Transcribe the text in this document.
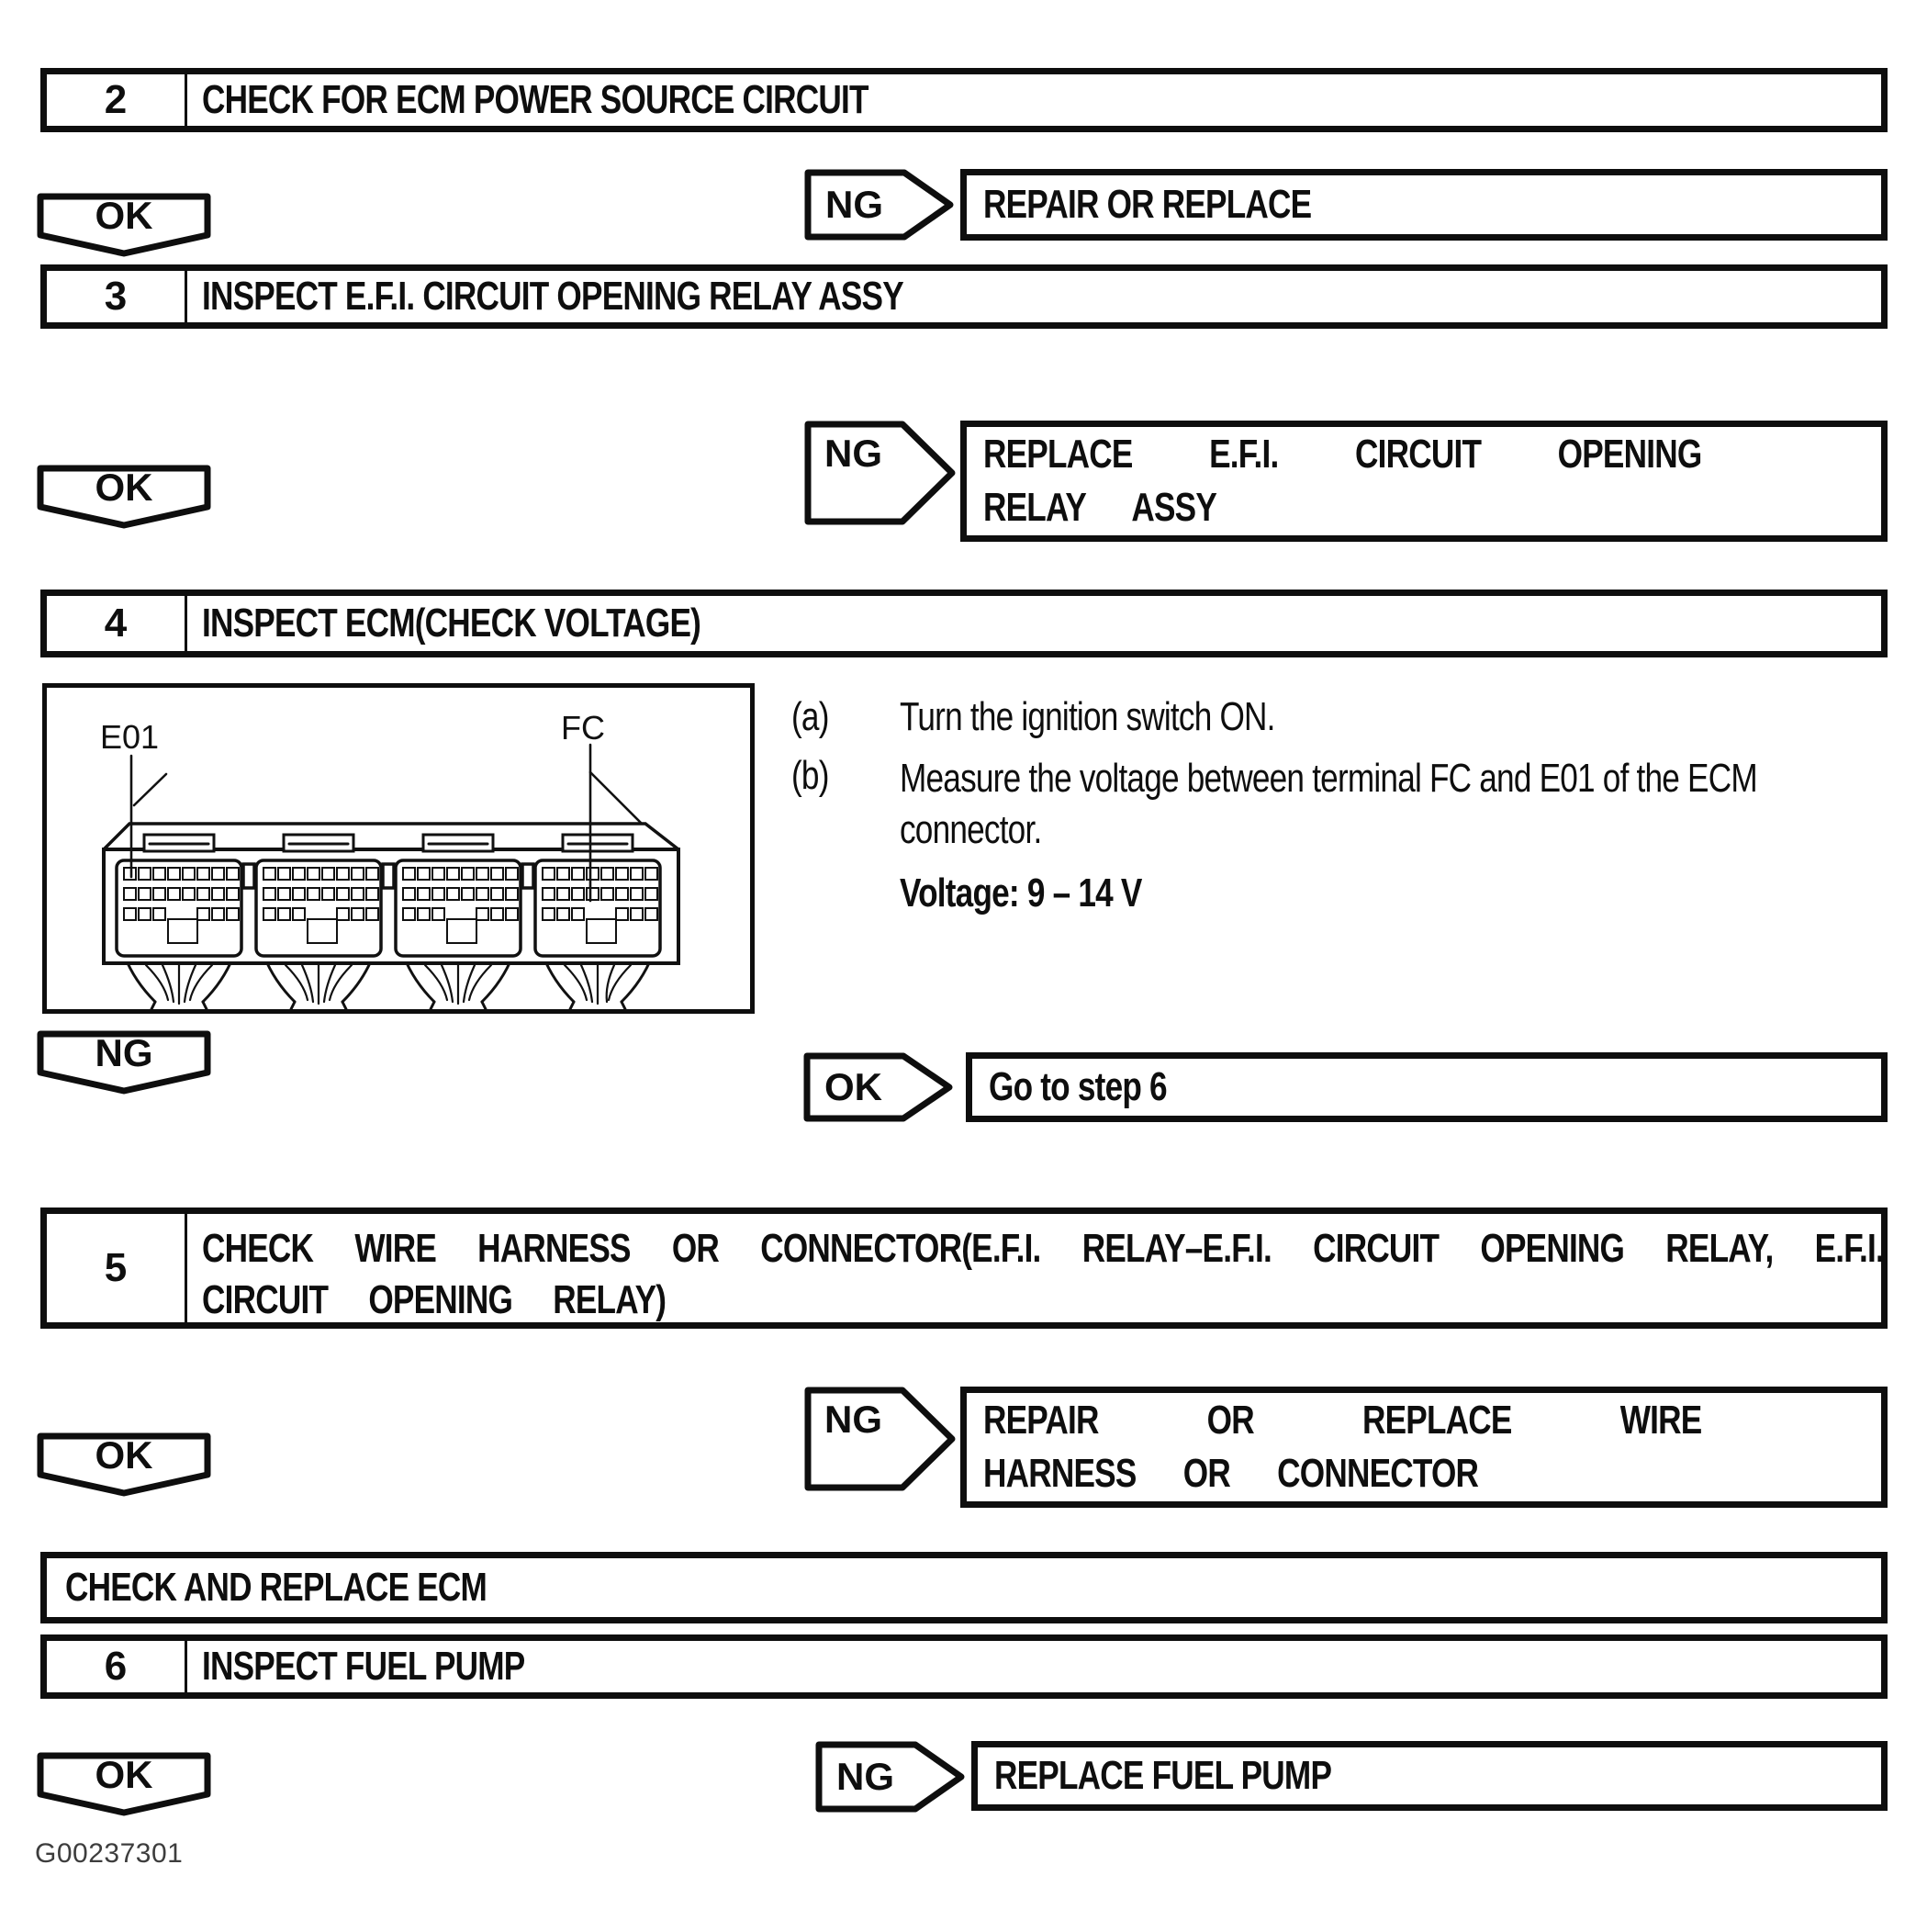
2 CHECK FOR ECM POWER SOURCE CIRCUIT
NG	REPAIR OR REPLACE
OK
3 INSPECT E.F.I. CIRCUIT OPENING RELAY ASSY
NG	REPLACE E.F.I. CIRCUIT OPENING RELAY ASSY
OK
4 INSPECT ECM(CHECK VOLTAGE)
E01	FC	(a)	Turn the ignition switch ON.
(b)	Measure the voltage between terminal FC and E01 of the ECM connector.
Voltage: 9 – 14 V
OK	Go to step 6
NG
5 CHECK WIRE HARNESS OR CONNECTOR(E.F.I. RELAY–E.F.I. CIRCUIT OPENING RELAY, E.F.I. CIRCUIT OPENING RELAY)
NG	REPAIR OR REPLACE WIRE HARNESS OR CONNECTOR
OK
CHECK AND REPLACE ECM
6 INSPECT FUEL PUMP
NG	REPLACE FUEL PUMP
OK
G00237301
